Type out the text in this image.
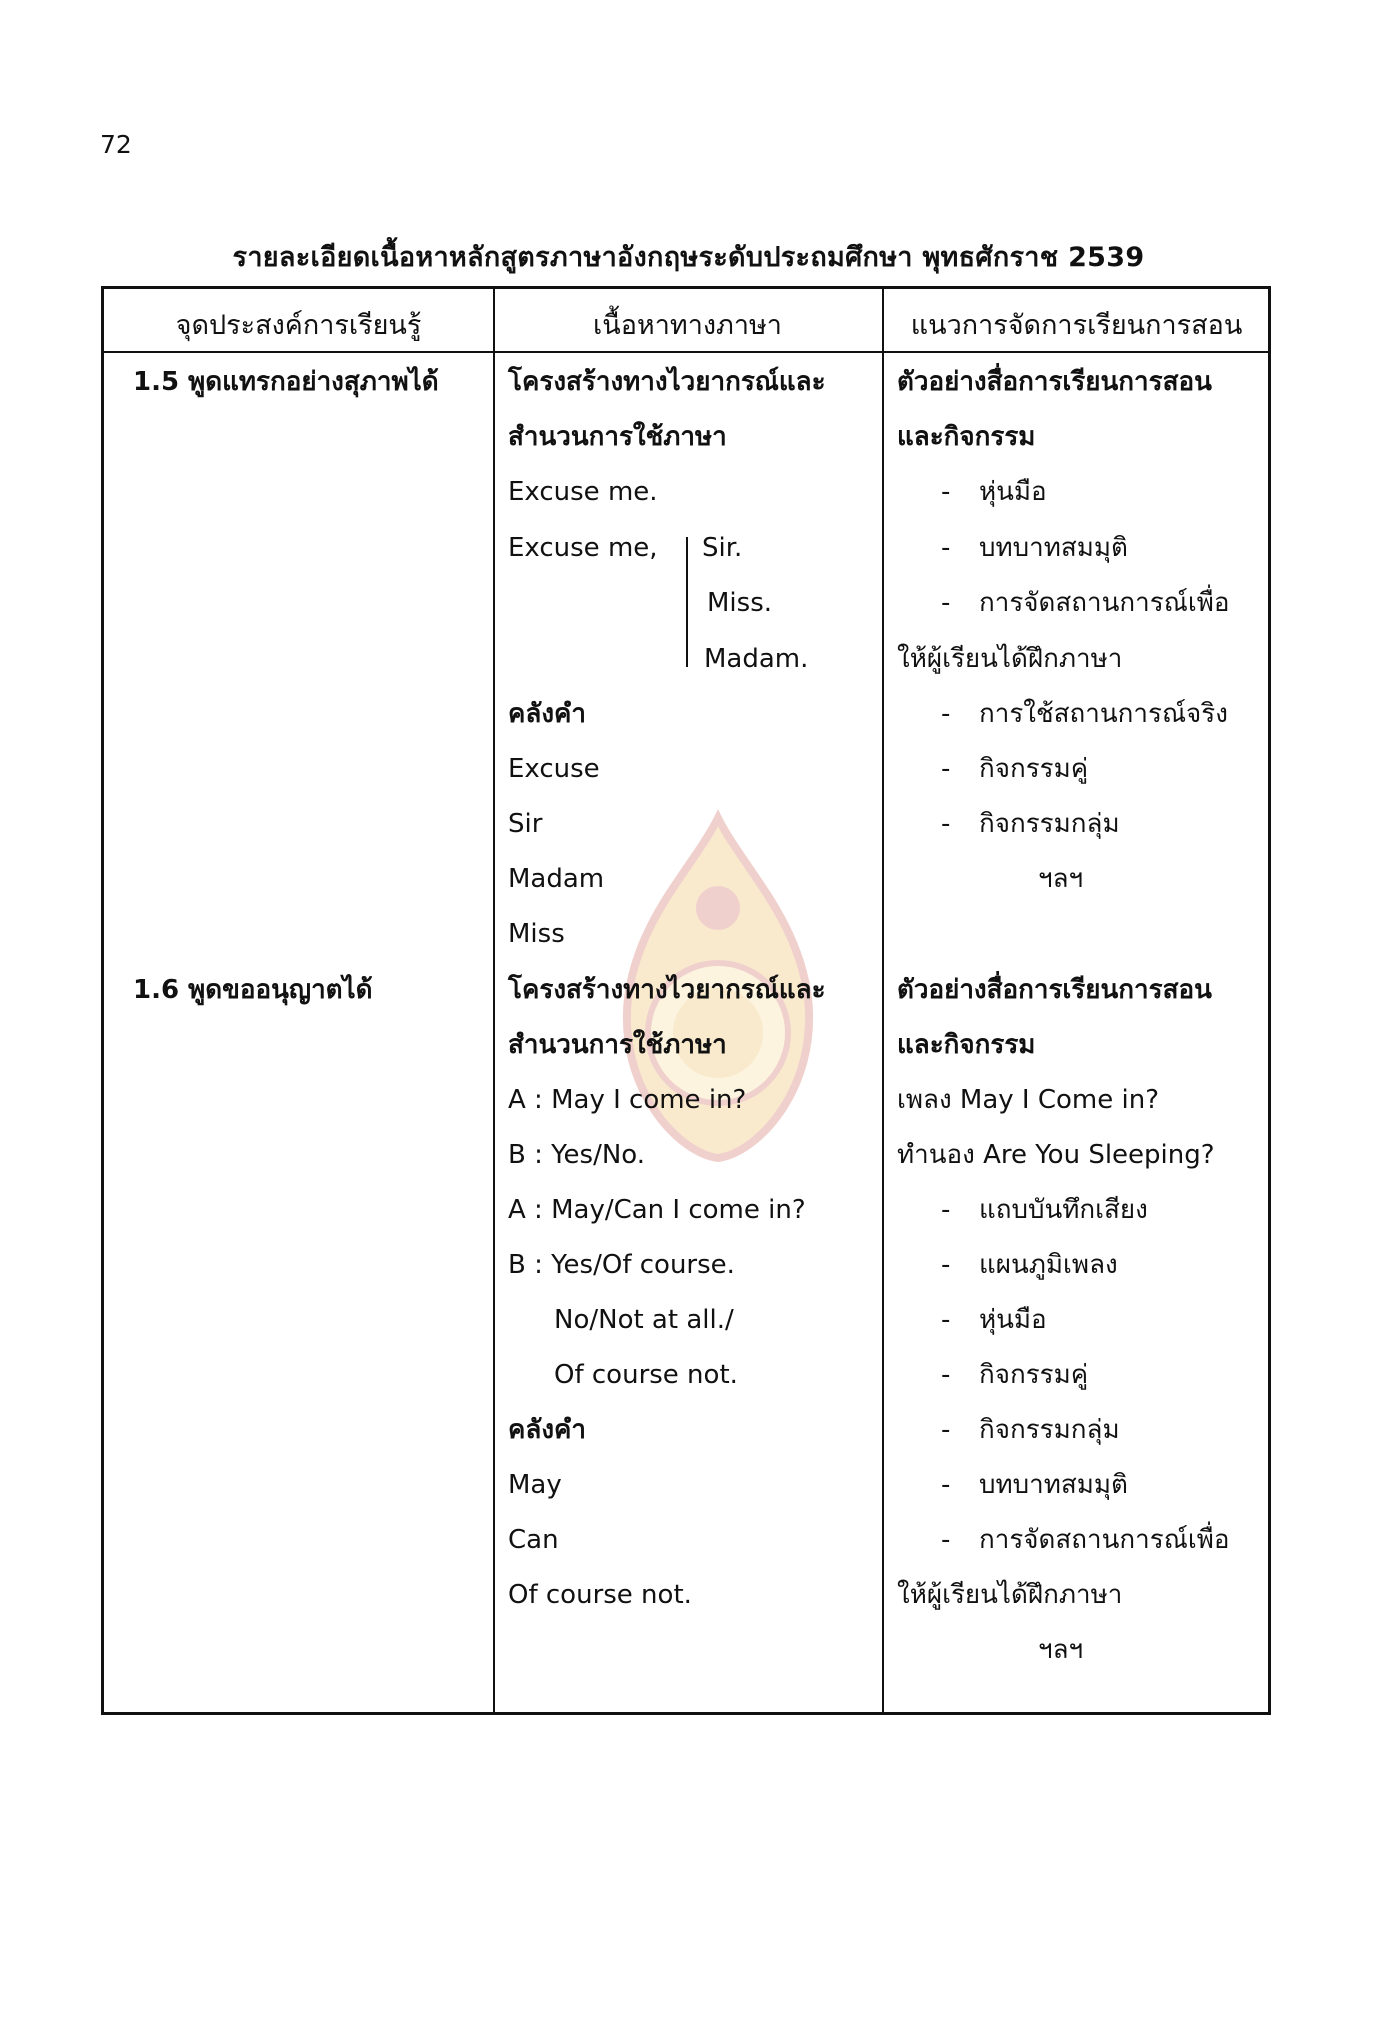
72
รายละเอียดเนื้อหาหลักสูตรภาษาอังกฤษระดับประถมศึกษา พุทธศักราช 2539
จุดประสงค์การเรียนรู้	เนื้อหาทางภาษา	แนวการจัดการเรียนการสอน
1.5 พูดแทรกอย่างสุภาพได้
1.6 พูดขออนุญาตได้
โครงสร้างทางไวยากรณ์และ
สำนวนการใช้ภาษา
Excuse me.
Excuse me, Sir.
Miss.
Madam.
คลังคำ
Excuse
Sir
Madam
Miss
โครงสร้างทางไวยากรณ์และ
สำนวนการใช้ภาษา
A : May I come in?
B : Yes/No.
A : May/Can I come in?
B : Yes/Of course.
No/Not at all./
Of course not.
คลังคำ
May
Can
Of course not.
ตัวอย่างสื่อการเรียนการสอน
และกิจกรรม
- หุ่นมือ
- บทบาทสมมุติ
- การจัดสถานการณ์เพื่อ
ให้ผู้เรียนได้ฝึกภาษา
- การใช้สถานการณ์จริง
- กิจกรรมคู่
- กิจกรรมกลุ่ม
ฯลฯ
ตัวอย่างสื่อการเรียนการสอน
และกิจกรรม
เพลง May I Come in?
ทำนอง Are You Sleeping?
- แถบบันทึกเสียง
- แผนภูมิเพลง
- หุ่นมือ
- กิจกรรมคู่
- กิจกรรมกลุ่ม
- บทบาทสมมุติ
- การจัดสถานการณ์เพื่อ
ให้ผู้เรียนได้ฝึกภาษา
ฯลฯ
